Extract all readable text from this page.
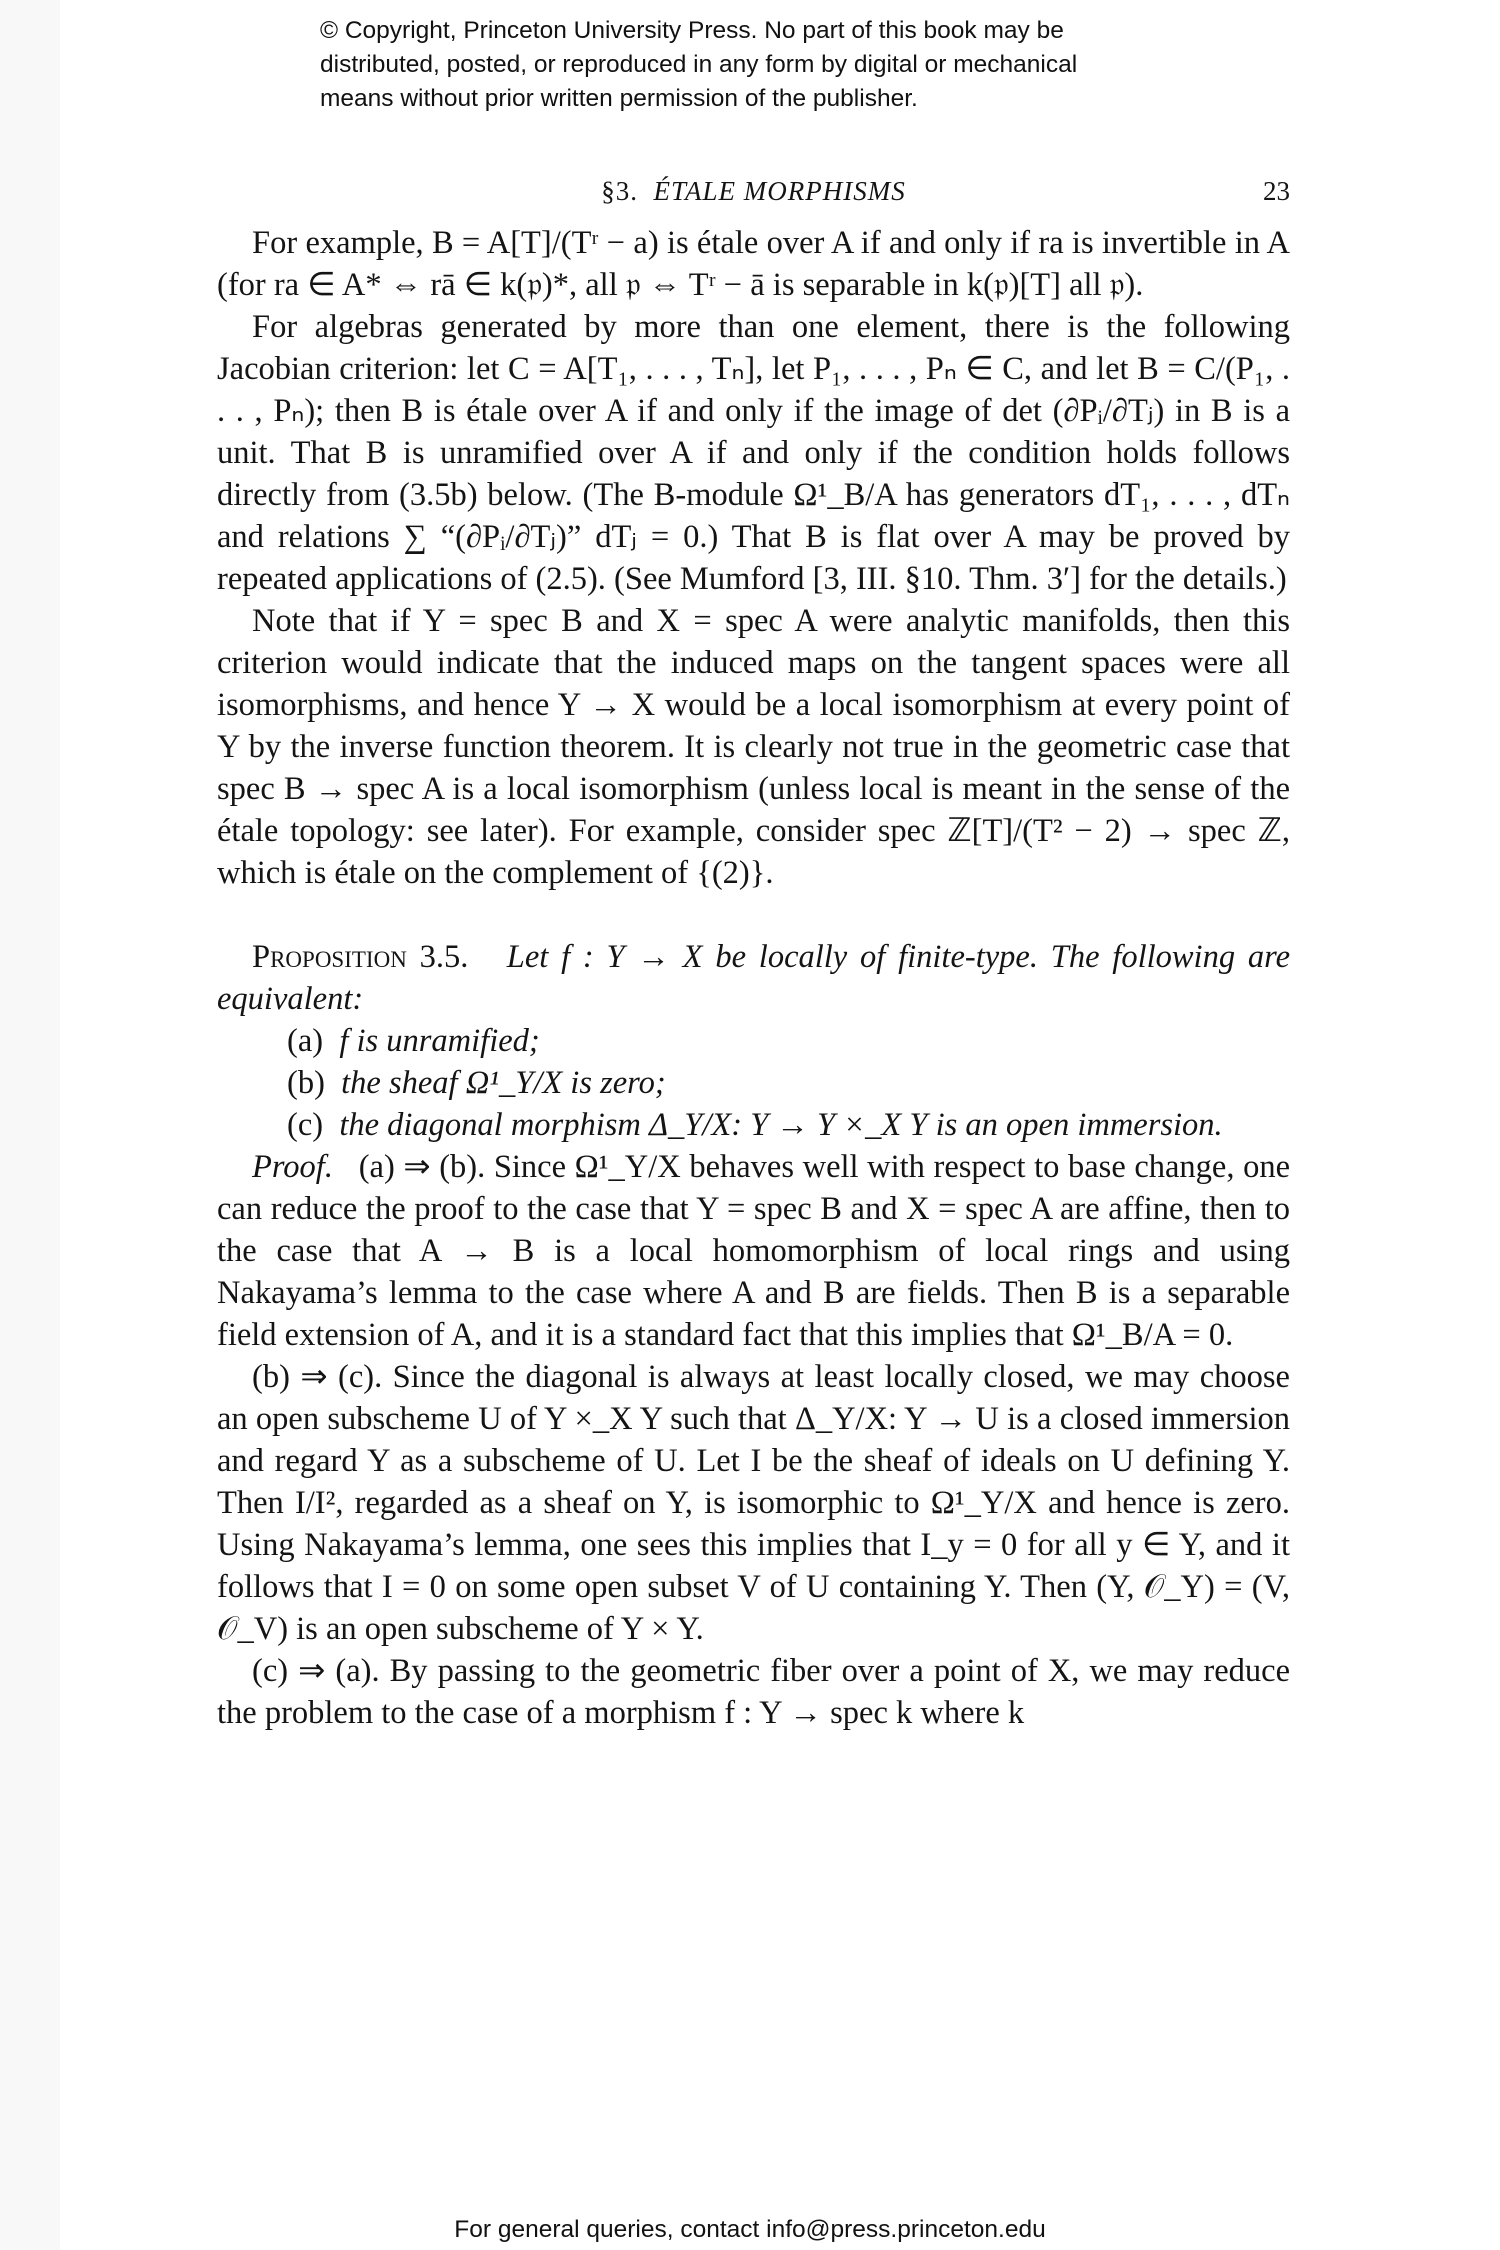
© Copyright, Princeton University Press. No part of this book may be
distributed, posted, or reproduced in any form by digital or mechanical
means without prior written permission of the publisher.
§3. ÉTALE MORPHISMS	23

For example, B = A[T]/(Tʳ − a) is étale over A if and only if ra is invertible in A (for ra ∈ A* ⇔ rā ∈ k(𝔭)*, all 𝔭 ⇔ Tʳ − ā is separable in k(𝔭)[T] all 𝔭).

For algebras generated by more than one element, there is the following Jacobian criterion: let C = A[T₁, . . . , Tₙ], let P₁, . . . , Pₙ ∈ C, and let B = C/(P₁, . . . , Pₙ); then B is étale over A if and only if the image of det (∂Pᵢ/∂Tⱼ) in B is a unit. That B is unramified over A if and only if the condition holds follows directly from (3.5b) below. (The B-module Ω¹_B/A has generators dT₁, . . . , dTₙ and relations ∑ “(∂Pᵢ/∂Tⱼ)” dTⱼ = 0.) That B is flat over A may be proved by repeated applications of (2.5). (See Mumford [3, III. §10. Thm. 3′] for the details.)

Note that if Y = spec B and X = spec A were analytic manifolds, then this criterion would indicate that the induced maps on the tangent spaces were all isomorphisms, and hence Y → X would be a local isomorphism at every point of Y by the inverse function theorem. It is clearly not true in the geometric case that spec B → spec A is a local isomorphism (unless local is meant in the sense of the étale topology: see later). For example, consider spec ℤ[T]/(T² − 2) → spec ℤ, which is étale on the complement of {(2)}.

Proposition 3.5. Let f : Y → X be locally of finite-type. The following are equivalent:

(a) f is unramified;

(b) the sheaf Ω¹_Y/X is zero;

(c) the diagonal morphism Δ_Y/X: Y → Y ×_X Y is an open immersion.

Proof. (a) ⇒ (b). Since Ω¹_Y/X behaves well with respect to base change, one can reduce the proof to the case that Y = spec B and X = spec A are affine, then to the case that A → B is a local homomorphism of local rings and using Nakayama’s lemma to the case where A and B are fields. Then B is a separable field extension of A, and it is a standard fact that this implies that Ω¹_B/A = 0.

(b) ⇒ (c). Since the diagonal is always at least locally closed, we may choose an open subscheme U of Y ×_X Y such that Δ_Y/X: Y → U is a closed immersion and regard Y as a subscheme of U. Let I be the sheaf of ideals on U defining Y. Then I/I², regarded as a sheaf on Y, is isomorphic to Ω¹_Y/X and hence is zero. Using Nakayama’s lemma, one sees this implies that I_y = 0 for all y ∈ Y, and it follows that I = 0 on some open subset V of U containing Y. Then (Y, 𝒪_Y) = (V, 𝒪_V) is an open subscheme of Y × Y.

(c) ⇒ (a). By passing to the geometric fiber over a point of X, we may reduce the problem to the case of a morphism f : Y → spec k where k

For general queries, contact info@press.princeton.edu
